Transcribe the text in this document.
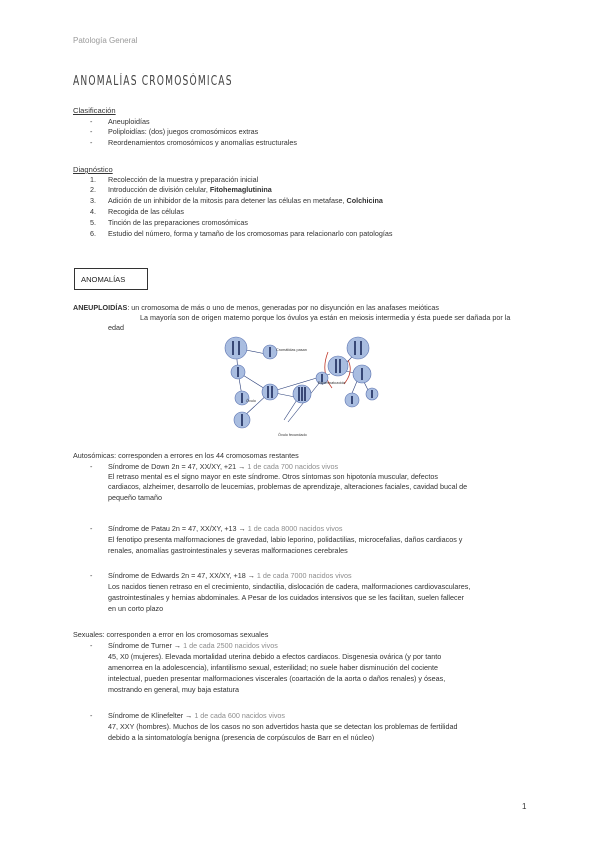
Patología General
ANOMALÍAS CROMOSÓMICAS
Clasificación
- Aneuploidías
- Poliploidías: (dos) juegos cromosómicos extras
- Reordenamientos cromosómicos y anomalías estructurales
Diagnóstico
1. Recolección de la muestra y preparación inicial
2. Introducción de división celular, Fitohemaglutinina
3. Adición de un inhibidor de la mitosis para detener las células en metafase, Colchicina
4. Recogida de las células
5. Tinción de las preparaciones cromosómicas
6. Estudio del número, forma y tamaño de los cromosomas para relacionarlo con patologías
ANOMALÍAS
ANEUPLOIDÍAS: un cromosoma de más o uno de menos, generadas por no disyunción en las anafases meióticas
La mayoría son de origen materno porque los óvulos ya están en meiosis intermedia y ésta puede ser dañada por la
edad
Cromátidas pasan
Óvulo
Espermatozoide
Óvulo fecundado
Autosómicas: corresponden a errores en los 44 cromosomas restantes
- Síndrome de Down 2n = 47, XX/XY, +21 → 1 de cada 700 nacidos vivos
El retraso mental es el signo mayor en este síndrome. Otros síntomas son hipotonía muscular, defectos
cardiacos, alzheimer, desarrollo de leucemias, problemas de aprendizaje, alteraciones faciales, cavidad bucal de
pequeño tamaño
- Síndrome de Patau 2n = 47, XX/XY, +13 → 1 de cada 8000 nacidos vivos
El fenotipo presenta malformaciones de gravedad, labio leporino, polidactilias, microcefalias, daños cardiacos y
renales, anomalías gastrointestinales y severas malformaciones cerebrales
- Síndrome de Edwards 2n = 47, XX/XY, +18 → 1 de cada 7000 nacidos vivos
Los nacidos tienen retraso en el crecimiento, sindactilia, dislocación de cadera, malformaciones cardiovasculares,
gastrointestinales y hernias abdominales. A Pesar de los cuidados intensivos que se les facilitan, suelen fallecer
en un corto plazo
Sexuales: corresponden a error en los cromosomas sexuales
- Síndrome de Turner → 1 de cada 2500 nacidos vivos
45, X0 (mujeres). Elevada mortalidad uterina debido a efectos cardiacos. Disgenesia ovárica (y por tanto
amenorrea en la adolescencia), infantilismo sexual, esterilidad; no suele haber disminución del cociente
intelectual, pueden presentar malformaciones viscerales (coartación de la aorta o daños renales) y óseas,
mostrando en general, muy baja estatura
- Síndrome de Klinefelter → 1 de cada 600 nacidos vivos
47, XXY (hombres). Muchos de los casos no son advertidos hasta que se detectan los problemas de fertilidad
debido a la sintomatología benigna (presencia de corpúsculos de Barr en el núcleo)
1
